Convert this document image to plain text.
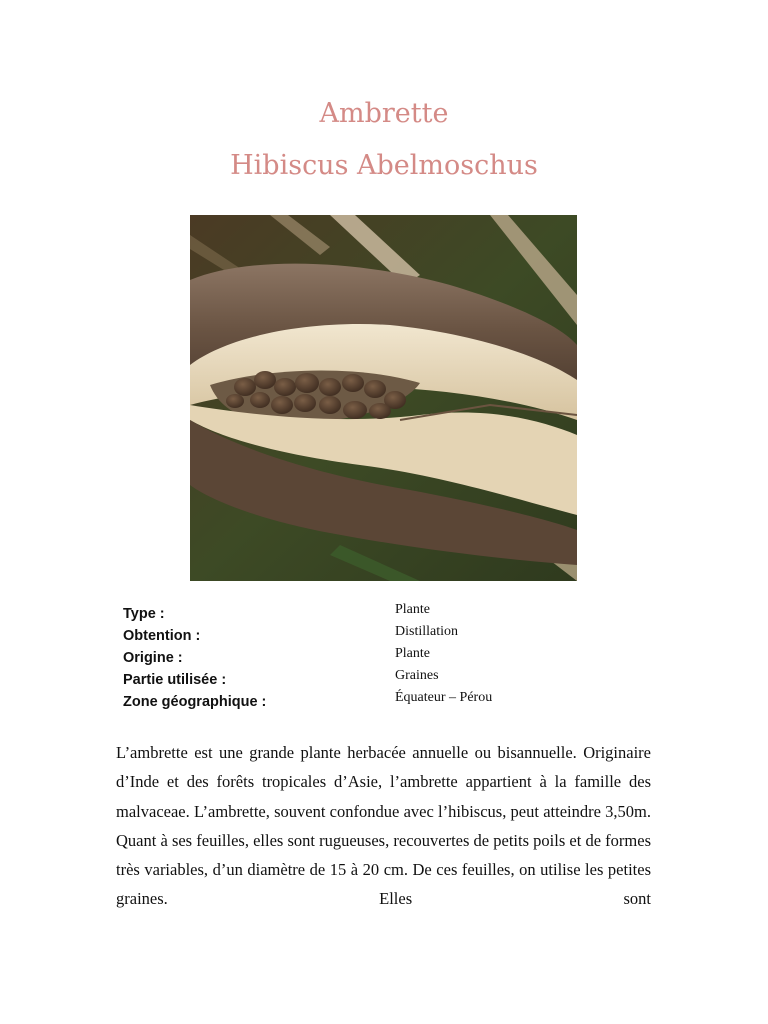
Ambrette
Hibiscus Abelmoschus
Type :	Plante
Obtention :	Distillation
Origine :	Plante
Partie utilisée :	Graines
Zone géographique :	Équateur – Pérou
L’ambrette est une grande plante herbacée annuelle ou bisannuelle. Originaire d’Inde et des forêts tropicales d’Asie, l’ambrette appartient à la famille des malvaceae. L’ambrette, souvent confondue avec l’hibiscus, peut atteindre 3,50m. Quant à ses feuilles, elles sont rugueuses, recouvertes de petits poils et de formes très variables, d’un diamètre de 15 à 20 cm. De ces feuilles, on utilise les petites graines. Elles sont
